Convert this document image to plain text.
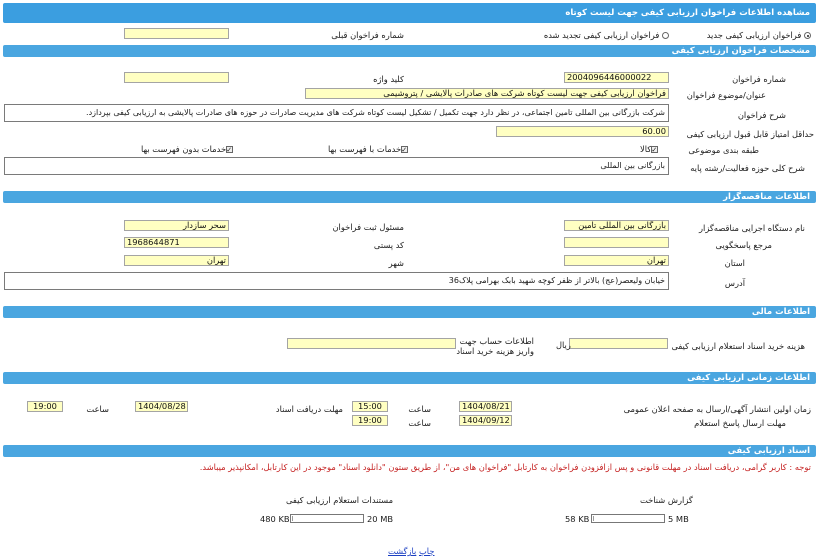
مشاهده اطلاعات فراخوان ارزیابی کیفی جهت لیست کوتاه
فراخوان ارزیابی کیفی جدید
فراخوان ارزیابی کیفی تجدید شده
شماره فراخوان قبلی
مشخصات فراخوان ارزیابی کیفی
شماره فراخوان
2004096446000022
کلید واژه
عنوان/موضوع فراخوان
فراخوان ارزیابی کیفی جهت لیست کوتاه شرکت های صادرات پالایشی / پتروشیمی
شرح فراخوان
شرکت بازرگانی بین المللی تامین اجتماعی، در نظر دارد جهت تکمیل / تشکیل لیست کوتاه شرکت های مدیریت صادرات در حوزه های صادرات پالایشی به ارزیابی کیفی بپردازد.
حداقل امتیاز قابل قبول ارزیابی کیفی
60.00
طبقه بندی موضوعی
✓کالا
✓خدمات با فهرست بها
✓خدمات بدون فهرست بها
شرح کلی حوزه فعالیت/رشته پایه
بازرگانی بین المللی
اطلاعات مناقصه‌گزار
نام دستگاه اجرایی مناقصه‌گزار
بازرگانی بین المللی تامین
مسئول ثبت فراخوان
سحر سازدار
مرجع پاسخگویی
کد پستی
1968644871
استان
تهران
شهر
تهران
آدرس
خیابان ولیعصر(عج) بالاتر از ظفر کوچه شهید بابک بهرامی پلاک36
اطلاعات مالی
هزینه خرید اسناد استعلام ارزیابی کیفی
ریال
اطلاعات حساب جهت
واریز هزینه خرید اسناد
اطلاعات زمانی ارزیابی کیفی
زمان اولین انتشار آگهی/ارسال به صفحه اعلان عمومی
1404/08/21
ساعت
15:00
مهلت دریافت اسناد
1404/08/28
ساعت
19:00
مهلت ارسال پاسخ استعلام
1404/09/12
ساعت
19:00
اسناد ارزیابی کیفی
توجه : کاربر گرامی، دریافت اسناد در مهلت قانونی و پس ازافزودن فراخوان به کارتابل "فراخوان های من"، از طریق ستون "دانلود اسناد" موجود در این کارتابل، امکانپذیر میباشد.
گزارش شناخت
58 KB	5 MB
مستندات استعلام ارزیابی کیفی
480 KB	20 MB
چاپ بازگشت
